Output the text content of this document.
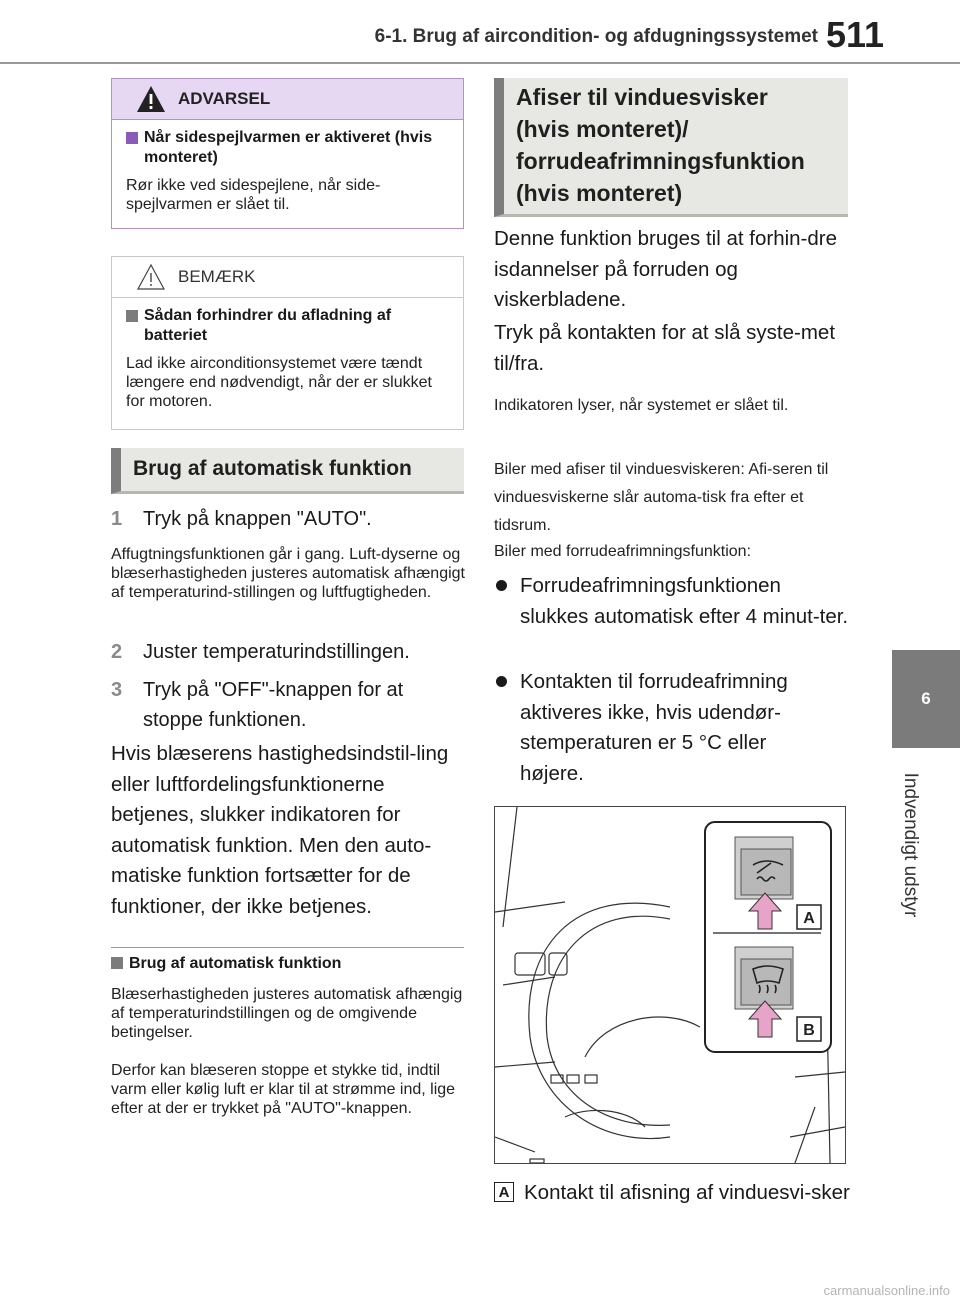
6-1. Brug af aircondition- og afdugningssystemet 511
6
Indvendigt udstyr
ADVARSEL
Når sidespejlvarmen er aktiveret (hvis monteret)
Rør ikke ved sidespejlene, når side-spejlvarmen er slået til.
BEMÆRK
Sådan forhindrer du afladning af batteriet
Lad ikke airconditionsystemet være tændt længere end nødvendigt, når der er slukket for motoren.
Brug af automatisk funktion
1	Tryk på knappen "AUTO".
Affugtningsfunktionen går i gang. Luft-dyserne og blæserhastigheden justeres automatisk afhængigt af temperaturind-stillingen og luftfugtigheden.
2	Juster temperaturindstillingen.
3	Tryk på "OFF"-knappen for at stoppe funktionen.
Hvis blæserens hastighedsindstil-ling eller luftfordelingsfunktionerne betjenes, slukker indikatoren for automatisk funktion. Men den auto-matiske funktion fortsætter for de funktioner, der ikke betjenes.
Brug af automatisk funktion
Blæserhastigheden justeres automatisk afhængig af temperaturindstillingen og de omgivende betingelser.
Derfor kan blæseren stoppe et stykke tid, indtil varm eller kølig luft er klar til at strømme ind, lige efter at der er trykket på "AUTO"-knappen.
Afiser til vinduesvisker
(hvis monteret)/
forrudeafrimningsfunktion
(hvis monteret)
Denne funktion bruges til at forhin-dre isdannelser på forruden og viskerbladene.
Tryk på kontakten for at slå syste-met til/fra.
Indikatoren lyser, når systemet er slået til.
Biler med afiser til vinduesviskeren: Afi-seren til vinduesviskerne slår automa-tisk fra efter et tidsrum.
Biler med forrudeafrimningsfunktion:
Forrudeafrimningsfunktionen slukkes automatisk efter 4 minut-ter.
Kontakten til forrudeafrimning aktiveres ikke, hvis udendør-stemperaturen er 5 °C eller højere.
A
B
A Kontakt til afisning af vinduesvi-sker
carmanualsonline.info
